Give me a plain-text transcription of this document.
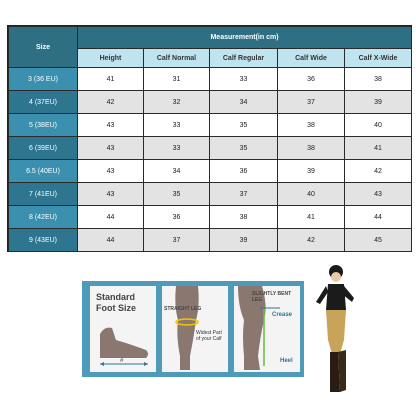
Size	Measurement(in cm)				
	Height	Calf Normal	Calf Regular	Calf Wide	Calf X-Wide
3 (36 EU)	41	31	33	36	38
4 (37EU)	42	32	34	37	39
5 (38EU)	43	33	35	38	40
6 (39EU)	43	33	35	38	41
6.5 (40EU)	43	34	36	39	42
7 (41EU)	43	35	37	40	43
8 (42EU)	44	36	38	41	44
9 (43EU)	44	37	39	42	45
Standard
Foot Size
#
STRAIGHT LEG
Widest Part
of your Calf
SLIGHTLY BENT LEG
Crease
Heel
